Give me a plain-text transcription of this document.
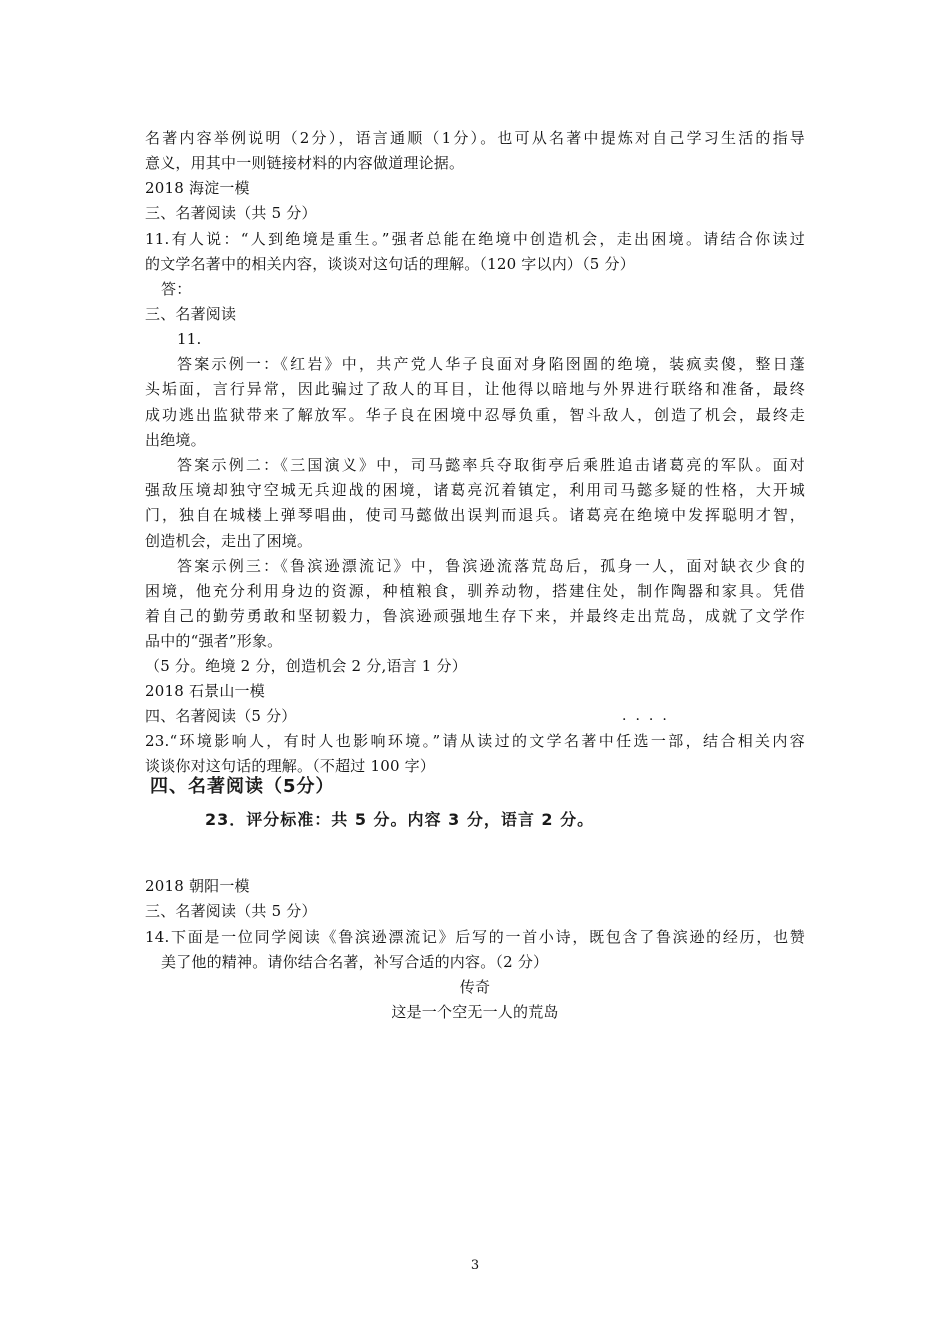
名著内容举例说明（2分），语言通顺（1分）。也可从名著中提炼对自己学习生活的指导
意义，用其中一则链接材料的内容做道理论据。
2018 海淀一模
三、名著阅读（共 5 分）
11.有人说：“人到绝境是重生。”强者总能在绝境中创造机会，走出困境。请结合你读过
的文学名著中的相关内容，谈谈对这句话的理解。（120 字以内）（5 分）
答：
三、名著阅读
11.
答案示例一：《红岩》中，共产党人华子良面对身陷囹圄的绝境，装疯卖傻，整日蓬
头垢面，言行异常，因此骗过了敌人的耳目，让他得以暗地与外界进行联络和准备，最终
成功逃出监狱带来了解放军。华子良在困境中忍辱负重，智斗敌人，创造了机会，最终走
出绝境。
答案示例二：《三国演义》中，司马懿率兵夺取街亭后乘胜追击诸葛亮的军队。面对
强敌压境却独守空城无兵迎战的困境，诸葛亮沉着镇定，利用司马懿多疑的性格，大开城
门，独自在城楼上弹琴唱曲，使司马懿做出误判而退兵。诸葛亮在绝境中发挥聪明才智，
创造机会，走出了困境。
答案示例三：《鲁滨逊漂流记》中，鲁滨逊流落荒岛后，孤身一人，面对缺衣少食的
困境，他充分利用身边的资源，种植粮食，驯养动物，搭建住处，制作陶器和家具。凭借
着自己的勤劳勇敢和坚韧毅力，鲁滨逊顽强地生存下来，并最终走出荒岛，成就了文学作
品中的“强者”形象。
（5 分。绝境 2 分，创造机会 2 分,语言 1 分）
2018 石景山一模
四、名著阅读（5 分）	····
23.“环境影响人，有时人也影响环境。”请从读过的文学名著中任选一部，结合相关内容
谈谈你对这句话的理解。（不超过 100 字）
四、名著阅读（5分）
23．评分标准：共 5 分。内容 3 分，语言 2 分。
2018 朝阳一模
三、名著阅读（共 5 分）
14.下面是一位同学阅读《鲁滨逊漂流记》后写的一首小诗，既包含了鲁滨逊的经历，也赞
美了他的精神。请你结合名著，补写合适的内容。（2 分）
传奇
这是一个空无一人的荒岛
3
